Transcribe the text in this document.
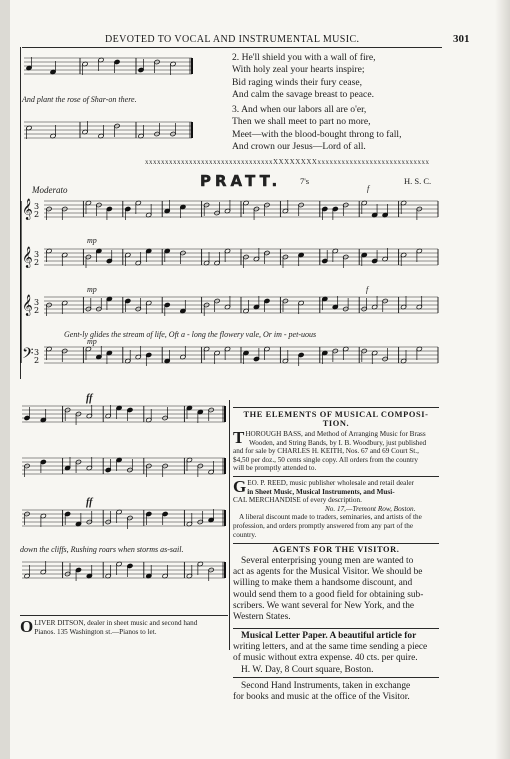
DEVOTED TO VOCAL AND INSTRUMENTAL MUSIC.	301
And plant the rose of Shar-on there.
2. He'll shield you with a wall of fire,
With holy zeal your hearts inspire;
Bid raging winds their fury cease,
And calm the savage breast to peace.
3. And when our labors all are o'er,
Then we shall meet to part no more,
Meet—with the blood-bought throng to fall,
And crown our Jesus—Lord of all.
xxxxxxxxxxxxxxxxxxxxxxxxxxxxxxxxXXXXXXXXxxxxxxxxxxxxxxxxxxxxxxxxxxxx
PRATT. 7's	H. S. C.
Moderato	f
mp
mp	f
mp
𝄞 3
2
𝄞 3
2
𝄞 3
2
𝄢 3
2
Gent-ly glides the stream of life, Oft a - long the flowery vale, Or im - pet-uous
ff
ff
down the cliffs, Rushing roars when storms as-sail.
O LIVER DITSON, dealer in sheet music and second hand
Pianos. 135 Washington st.—Pianos to let.
THE ELEMENTS OF MUSICAL COMPOSI-
TION.
T HOROUGH BASS, and Method of Arranging Music for Brass
Wooden, and String Bands, by I. B. Woodbury, just published
and for sale by CHARLES H. KEITH, Nos. 67 and 69 Court St.,
$4,50 per doz., 50 cents single copy. All orders from the country
will be promptly attended to.
G EO. P. REED, music publisher wholesale and retail dealer
in Sheet Music, Musical Instruments, and Musi-
CAL MERCHANDISE of every description.
No. 17,—Tremont Row, Boston.
A liberal discount made to traders, seminaries, and artists of the
profession, and orders promptly answered from any part of the
country.
AGENTS FOR THE VISITOR.
Several enterprising young men are wanted to
act as agents for the Musical Visitor. We should be
willing to make them a handsome discount, and
would send them to a good field for obtaining sub-
scribers. We want several for New York, and the
Western States.
Musical Letter Paper. A beautiful article for
writing letters, and at the same time sending a piece
of music without extra expense. 40 cts. per quire.
H. W. Day, 8 Court square, Boston.
Second Hand Instruments, taken in exchange
for books and music at the office of the Visitor.
